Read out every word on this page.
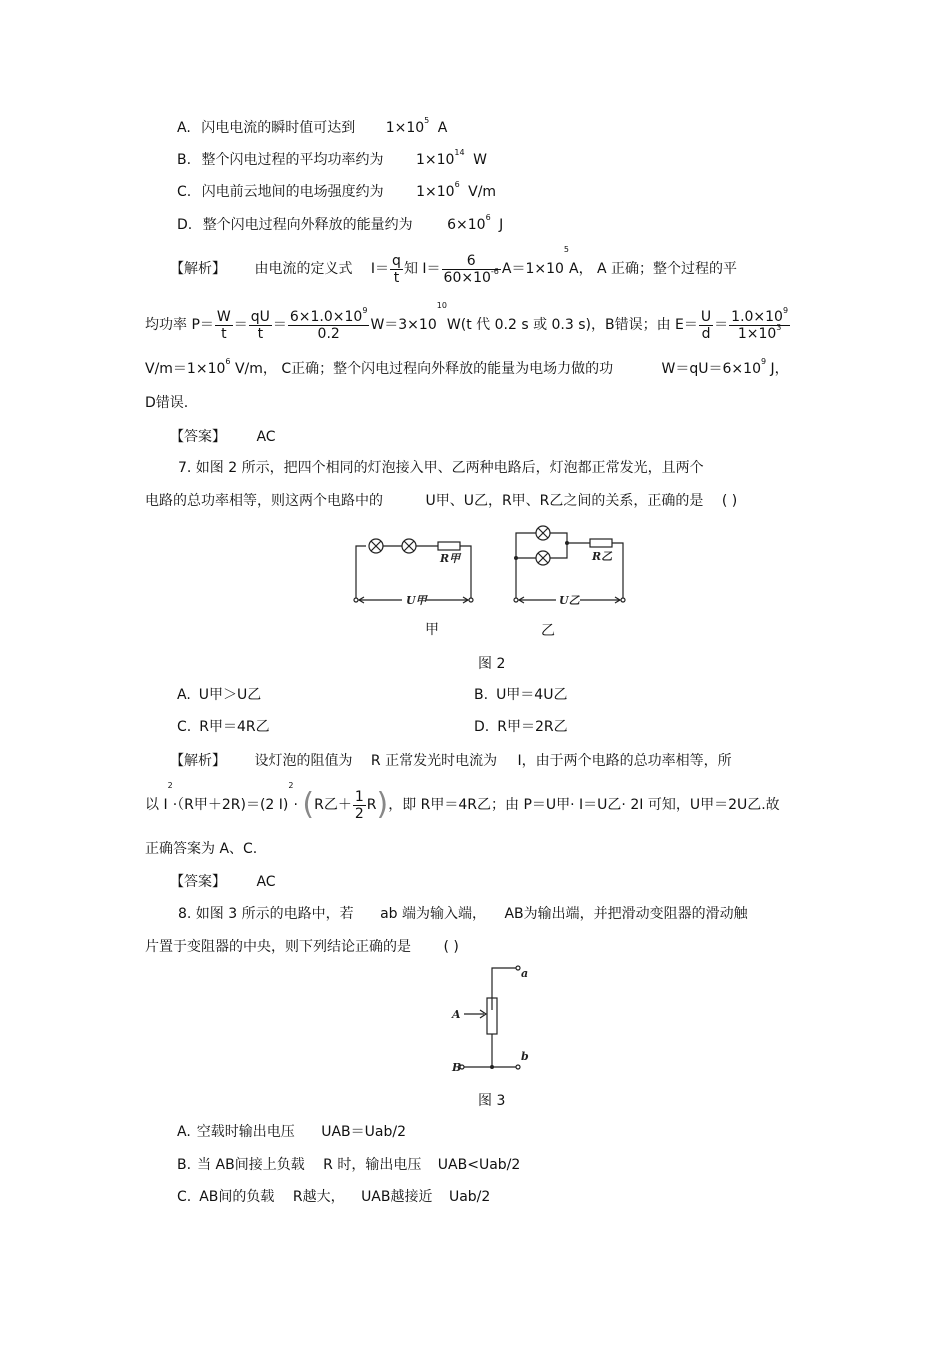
A. 闪电电流的瞬时值可达到 $1\times 10^5$ A
B. 整个闪电过程的平均功率约为 $1\times 10^{14}$ W
C. 闪电前云地间的电场强度约为 $1\times 10^6$ V/m
D. 整个闪电过程向外释放的能量约为 $6\times 10^6$ J
【解析】 由电流的定义式 $I= \frac{q}{t}$ 知 $I= \frac{6}{60\times 10^{-6}} A=1\times 10^5A$， A 正确；整个过程的平
均功率 $P= \frac{W}{t} = \frac{qU}{t} = \frac{6\times 1.0\times 10^9}{0.2} W=3\times 10^{10}W(t$ 代 0.2 s 或 0.3 s)，B错误；由 $E= \frac{U}{d} = \frac{1.0\times 10^9}{1\times 10^3}$
$V/m=1\times 10^6$ V/m， C正确；整个闪电过程向外释放的能量为电场力做的功	$W=qU=6\times 10^9$ J，
D错误.
【答案】 AC
7. 如图 2 所示，把四个相同的灯泡接入甲、乙两种电路后，灯泡都正常发光，且两个
电路的总功率相等，则这两个电路中的	U甲、U乙，R甲、R乙之间的关系，正确的是 ( )
R甲
U甲
R乙
U乙
甲	乙
图 2
A. U甲＞U乙	B. U甲＝4U乙
C. R甲＝4R乙	D. R甲＝2R乙
【解析】 设灯泡的阻值为 R 正常发光时电流为 I，由于两个电路的总功率相等，所
以 $I^2\cdot(R$甲＋2R)＝(2 I)$^2$· (R乙＋ $\frac{1}{2} R$)，即 R甲＝4R乙；由 P＝U甲· I＝U乙· 2I 可知，U甲＝2U乙.故
正确答案为 A、C.
【答案】 AC
8. 如图 3 所示的电路中，若 ab 端为输入端， AB为输出端，并把滑动变阻器的滑动触
片置于变阻器的中央，则下列结论正确的是 ( )
a
b
A
B
图 3
A. 空载时输出电压 UAB＝Uab/2
B. 当 AB间接上负载 R 时，输出电压 UAB<Uab/2
C. AB间的负载 R越大， UAB越接近 Uab/2
